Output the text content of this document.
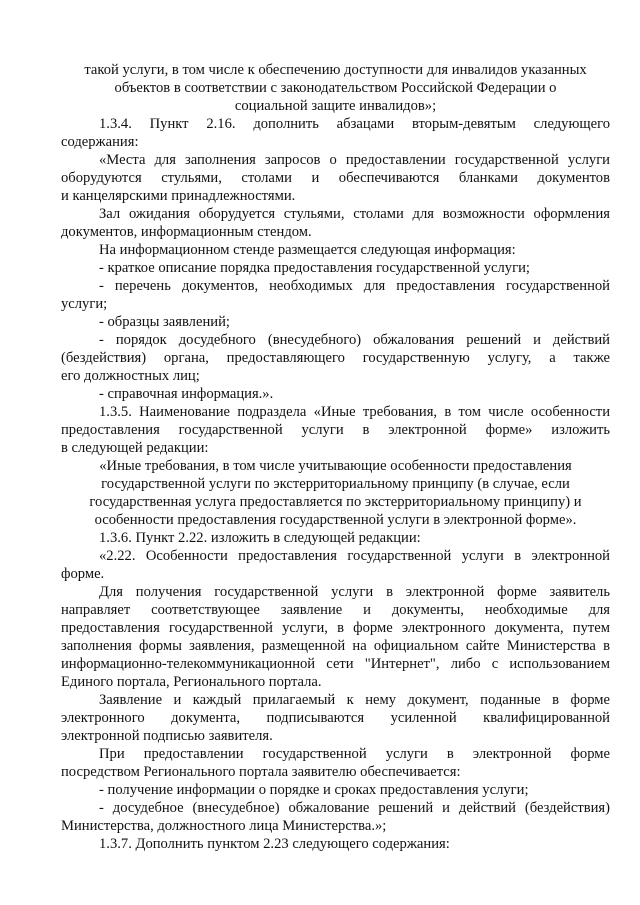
такой услуги, в том числе к обеспечению доступности для инвалидов указанных

объектов в соответствии с законодательством Российской Федерации о

социальной защите инвалидов»;

1.3.4. Пункт 2.16. дополнить абзацами вторым-девятым следующего

содержания:

«Места для заполнения запросов о предоставлении государственной услуги

оборудуются стульями, столами и обеспечиваются бланками документов

и канцелярскими принадлежностями.

Зал ожидания оборудуется стульями, столами для возможности оформления

документов, информационным стендом.

На информационном стенде размещается следующая информация:

- краткое описание порядка предоставления государственной услуги;

- перечень документов, необходимых для предоставления государственной

услуги;

- образцы заявлений;

- порядок досудебного (внесудебного) обжалования решений и действий

(бездействия) органа, предоставляющего государственную услугу, а также

его должностных лиц;

- справочная информация.».

1.3.5. Наименование подраздела «Иные требования, в том числе особенности

предоставления государственной услуги в электронной форме» изложить

в следующей редакции:

«Иные требования, в том числе учитывающие особенности предоставления

государственной услуги по экстерриториальному принципу (в случае, если

государственная услуга предоставляется по экстерриториальному принципу) и

особенности предоставления государственной услуги в электронной форме».

1.3.6. Пункт 2.22. изложить в следующей редакции:

«2.22. Особенности предоставления государственной услуги в электронной

форме.

Для получения государственной услуги в электронной форме заявитель

направляет соответствующее заявление и документы, необходимые для

предоставления государственной услуги, в форме электронного документа, путем

заполнения формы заявления, размещенной на официальном сайте Министерства в

информационно-телекоммуникационной сети "Интернет", либо с использованием

Единого портала, Регионального портала.

Заявление и каждый прилагаемый к нему документ, поданные в форме

электронного документа, подписываются усиленной квалифицированной

электронной подписью заявителя.

При предоставлении государственной услуги в электронной форме

посредством Регионального портала заявителю обеспечивается:

- получение информации о порядке и сроках предоставления услуги;

- досудебное (внесудебное) обжалование решений и действий (бездействия)

Министерства, должностного лица Министерства.»;

1.3.7. Дополнить пунктом 2.23 следующего содержания:
